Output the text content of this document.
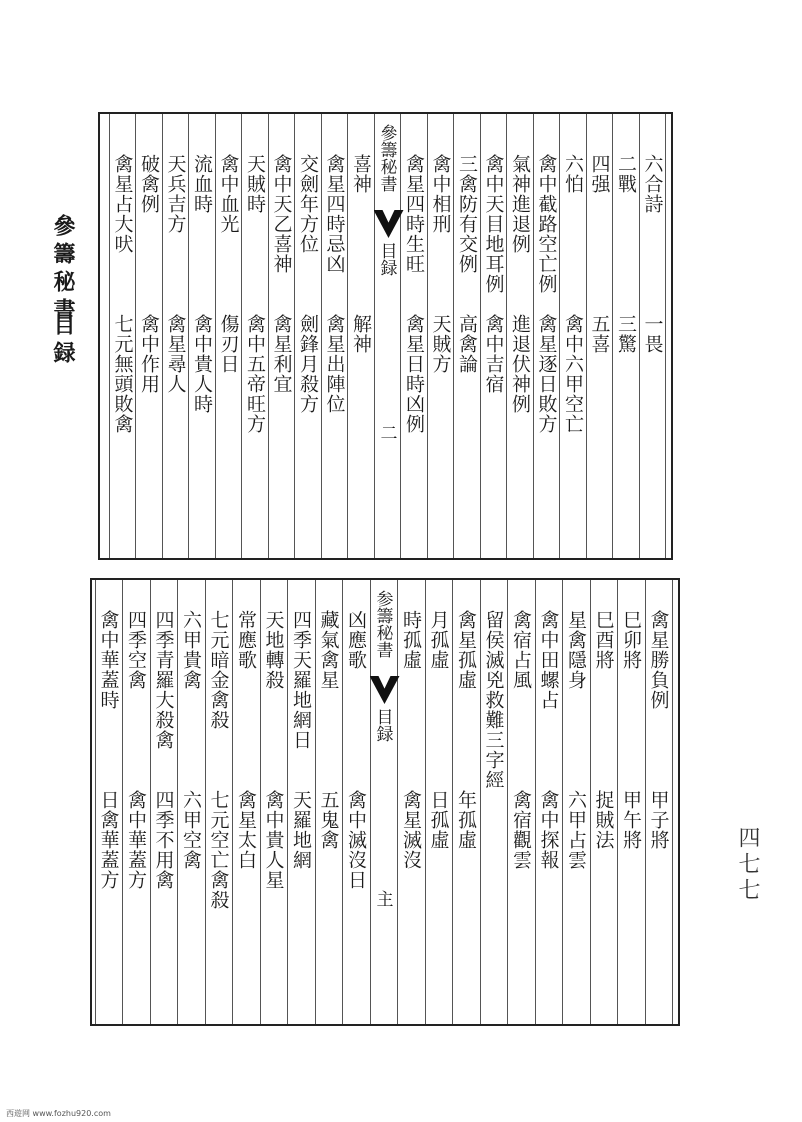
參籌秘書
目録
四七七
六合詩
一畏
二戰
三驚
四强
五喜
六怕
禽中六甲空亡
禽中截路空亡例
禽星逐日敗方
氣神進退例
進退伏神例
禽中天目地耳例
禽中吉宿
三禽防有交例
高禽論
禽中相刑
天賊方
禽星四時生旺
禽星日時凶例
喜神
解神
禽星四時忌凶
禽星出陣位
交劍年方位
劍鋒月殺方
禽中天乙喜神
禽星利宜
天賊時
禽中五帝旺方
禽中血光
傷刃日
流血時
禽中貴人時
天兵吉方
禽星尋人
破禽例
禽中作用
禽星占大吠
七元無頭敗禽
參籌秘書
目録
二
禽星勝負例
甲子將
巳卯將
甲午將
巳酉將
捉賊法
星禽隱身
六甲占雲
禽中田螺占
禽中探報
禽宿占風
禽宿觀雲
留侯滅兇救難三字經
禽星孤虛
年孤虛
月孤虛
日孤虛
時孤虛
禽星滅沒
凶應歌
禽中滅沒日
藏氣禽星
五鬼禽
四季天羅地網日
天羅地網
天地轉殺
禽中貴人星
常應歌
禽星太白
七元暗金禽殺
七元空亡禽殺
六甲貴禽
六甲空禽
四季青羅大殺禽
四季不用禽
四季空禽
禽中華蓋方
禽中華蓋時
日禽華蓋方
参籌秘書
目録
主
西遊网 www.fozhu920.com
